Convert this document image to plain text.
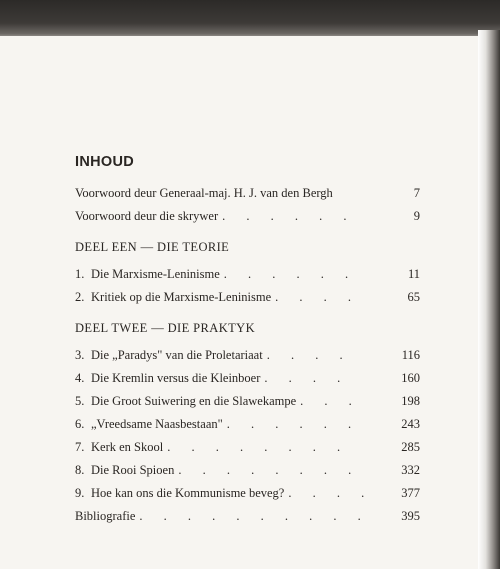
INHOUD
Voorwoord deur Generaal-maj. H. J. van den Bergh	7
Voorwoord deur die skrywer . . . . . .	9
DEEL EEN — DIE TEORIE
1. Die Marxisme-Leninisme . . . . . .	11
2. Kritiek op die Marxisme-Leninisme . . . .	65
DEEL TWEE — DIE PRAKTYK
3. Die „Paradys" van die Proletariaat . . . .	116
4. Die Kremlin versus die Kleinboer . . . .	160
5. Die Groot Suiwering en die Slawekampe . . .	198
6. „Vreedsame Naasbestaan" . . . . . .	243
7. Kerk en Skool . . . . . . . .	285
8. Die Rooi Spioen . . . . . . . .	332
9. Hoe kan ons die Kommunisme beveg? . . . .	377
Bibliografie . . . . . . . . . .	395
